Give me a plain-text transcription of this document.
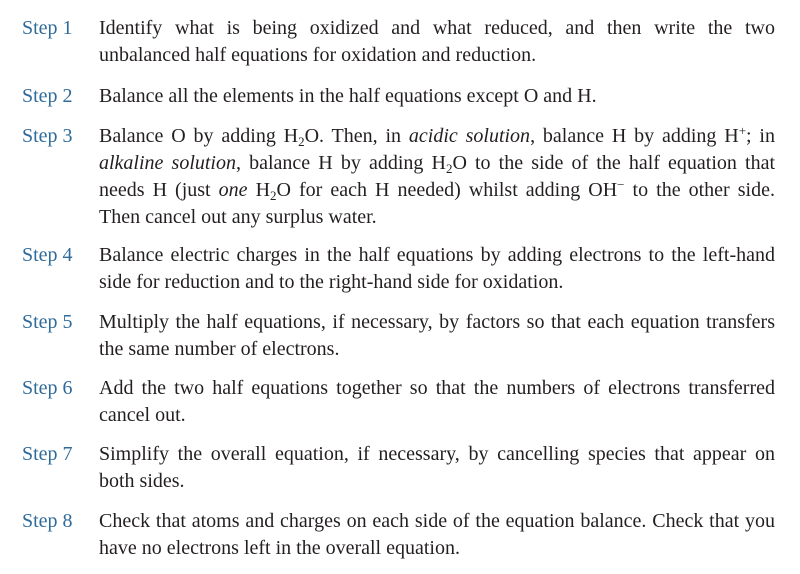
Step 1 Identify what is being oxidized and what reduced, and then write the two unbalanced half equations for oxidation and reduction.
Step 2 Balance all the elements in the half equations except O and H.
Step 3 Balance O by adding $H_2O$. Then, in acidic solution, balance H by adding H+; in alkaline solution, balance H by adding $H_2O$ to the side of the half equation that needs H (just one $H_2O$ for each H needed) whilst adding OH− to the other side. Then cancel out any surplus water.
Step 4 Balance electric charges in the half equations by adding electrons to the left-hand side for reduction and to the right-hand side for oxidation.
Step 5 Multiply the half equations, if necessary, by factors so that each equation transfers the same number of electrons.
Step 6 Add the two half equations together so that the numbers of electrons transferred cancel out.
Step 7 Simplify the overall equation, if necessary, by cancelling species that appear on both sides.
Step 8 Check that atoms and charges on each side of the equation balance. Check that you have no electrons left in the overall equation.
